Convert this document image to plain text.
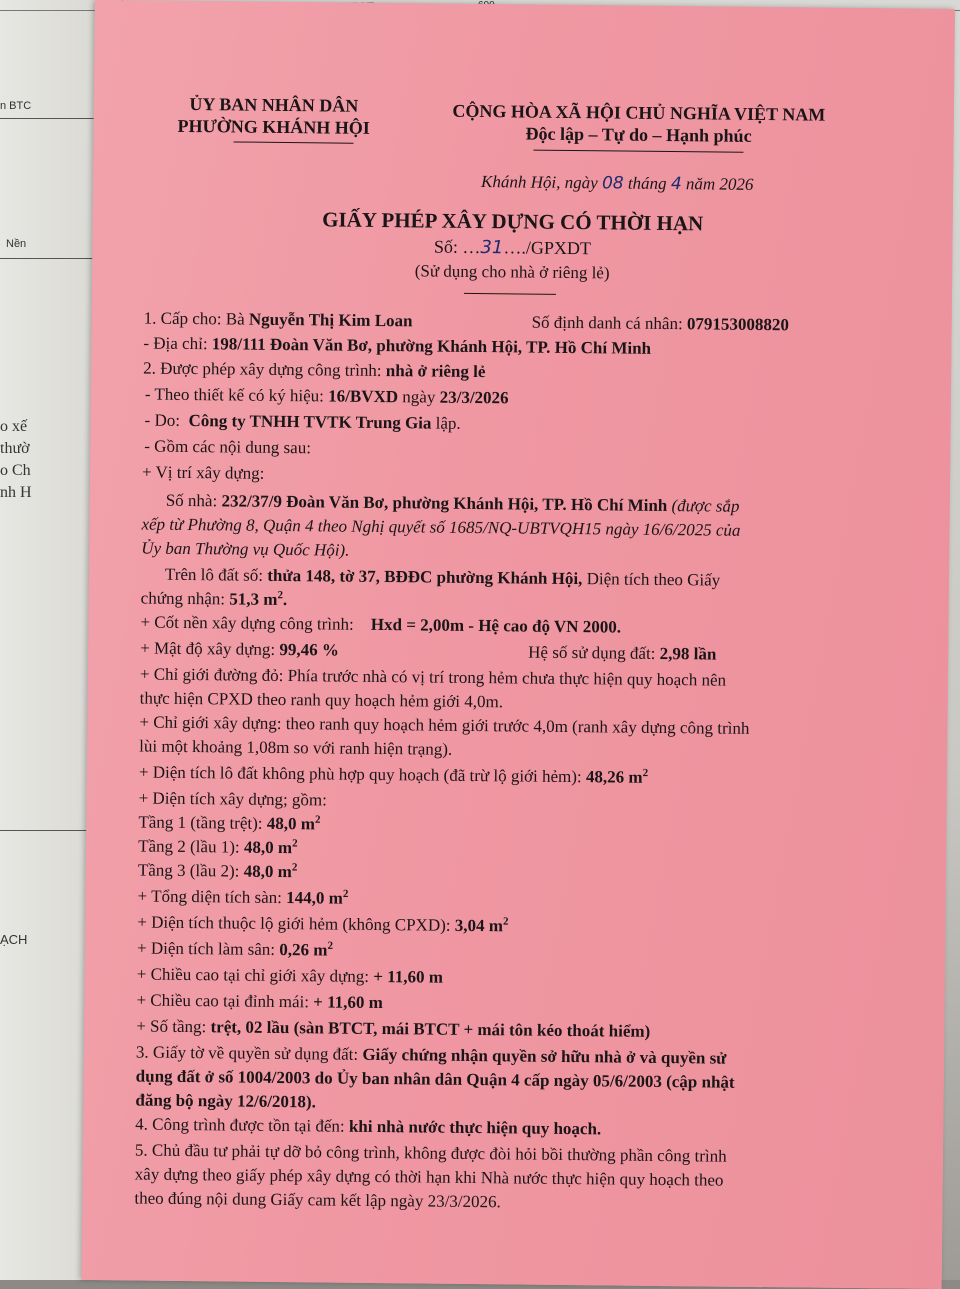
n BTC
Nền
o xế
thườ
o Ch
nh H
ẠCH
ỦY BAN NHÂN DÂN
PHƯỜNG KHÁNH HỘI
CỘNG HÒA XÃ HỘI CHỦ NGHĨA VIỆT NAM
Độc lập – Tự do – Hạnh phúc
Khánh Hội, ngày 08 tháng 4 năm 2026
GIẤY PHÉP XÂY DỰNG CÓ THỜI HẠN
Số: …31…./GPXDT
(Sử dụng cho nhà ở riêng lẻ)
1. Cấp cho: Bà Nguyễn Thị Kim Loan	Số định danh cá nhân: 079153008820
- Địa chỉ: 198/111 Đoàn Văn Bơ, phường Khánh Hội, TP. Hồ Chí Minh
2. Được phép xây dựng công trình: nhà ở riêng lẻ
- Theo thiết kế có ký hiệu: 16/BVXD ngày 23/3/2026
- Do: Công ty TNHH TVTK Trung Gia lập.
- Gồm các nội dung sau:
+ Vị trí xây dựng:
Số nhà: 232/37/9 Đoàn Văn Bơ, phường Khánh Hội, TP. Hồ Chí Minh (được sắp
xếp từ Phường 8, Quận 4 theo Nghị quyết số 1685/NQ-UBTVQH15 ngày 16/6/2025 của
Ủy ban Thường vụ Quốc Hội).
Trên lô đất số: thửa 148, tờ 37, BĐĐC phường Khánh Hội, Diện tích theo Giấy
chứng nhận: 51,3 $m^2$.
+ Cốt nền xây dựng công trình: Hxd = 2,00m - Hệ cao độ VN 2000.
+ Mật độ xây dựng: 99,46 %	Hệ số sử dụng đất: 2,98 lần
+ Chỉ giới đường đỏ: Phía trước nhà có vị trí trong hẻm chưa thực hiện quy hoạch nên
thực hiện CPXD theo ranh quy hoạch hẻm giới 4,0m.
+ Chỉ giới xây dựng: theo ranh quy hoạch hẻm giới trước 4,0m (ranh xây dựng công trình
lùi một khoảng 1,08m so với ranh hiện trạng).
+ Diện tích lô đất không phù hợp quy hoạch (đã trừ lộ giới hẻm): 48,26 $m^2$
+ Diện tích xây dựng; gồm:
Tầng 1 (tầng trệt): 48,0 $m^2$
Tầng 2 (lầu 1): 48,0 $m^2$
Tầng 3 (lầu 2): 48,0 $m^2$
+ Tổng diện tích sàn: 144,0 $m^2$
+ Diện tích thuộc lộ giới hẻm (không CPXD): 3,04 $m^2$
+ Diện tích làm sân: 0,26 $m^2$
+ Chiều cao tại chỉ giới xây dựng: + 11,60 m
+ Chiều cao tại đỉnh mái: + 11,60 m
+ Số tầng: trệt, 02 lầu (sàn BTCT, mái BTCT + mái tôn kéo thoát hiểm)
3. Giấy tờ về quyền sử dụng đất: Giấy chứng nhận quyền sở hữu nhà ở và quyền sử
dụng đất ở số 1004/2003 do Ủy ban nhân dân Quận 4 cấp ngày 05/6/2003 (cập nhật
đăng bộ ngày 12/6/2018).
4. Công trình được tồn tại đến: khi nhà nước thực hiện quy hoạch.
5. Chủ đầu tư phải tự dỡ bỏ công trình, không được đòi hỏi bồi thường phần công trình
xây dựng theo giấy phép xây dựng có thời hạn khi Nhà nước thực hiện quy hoạch theo
theo đúng nội dung Giấy cam kết lập ngày 23/3/2026.
